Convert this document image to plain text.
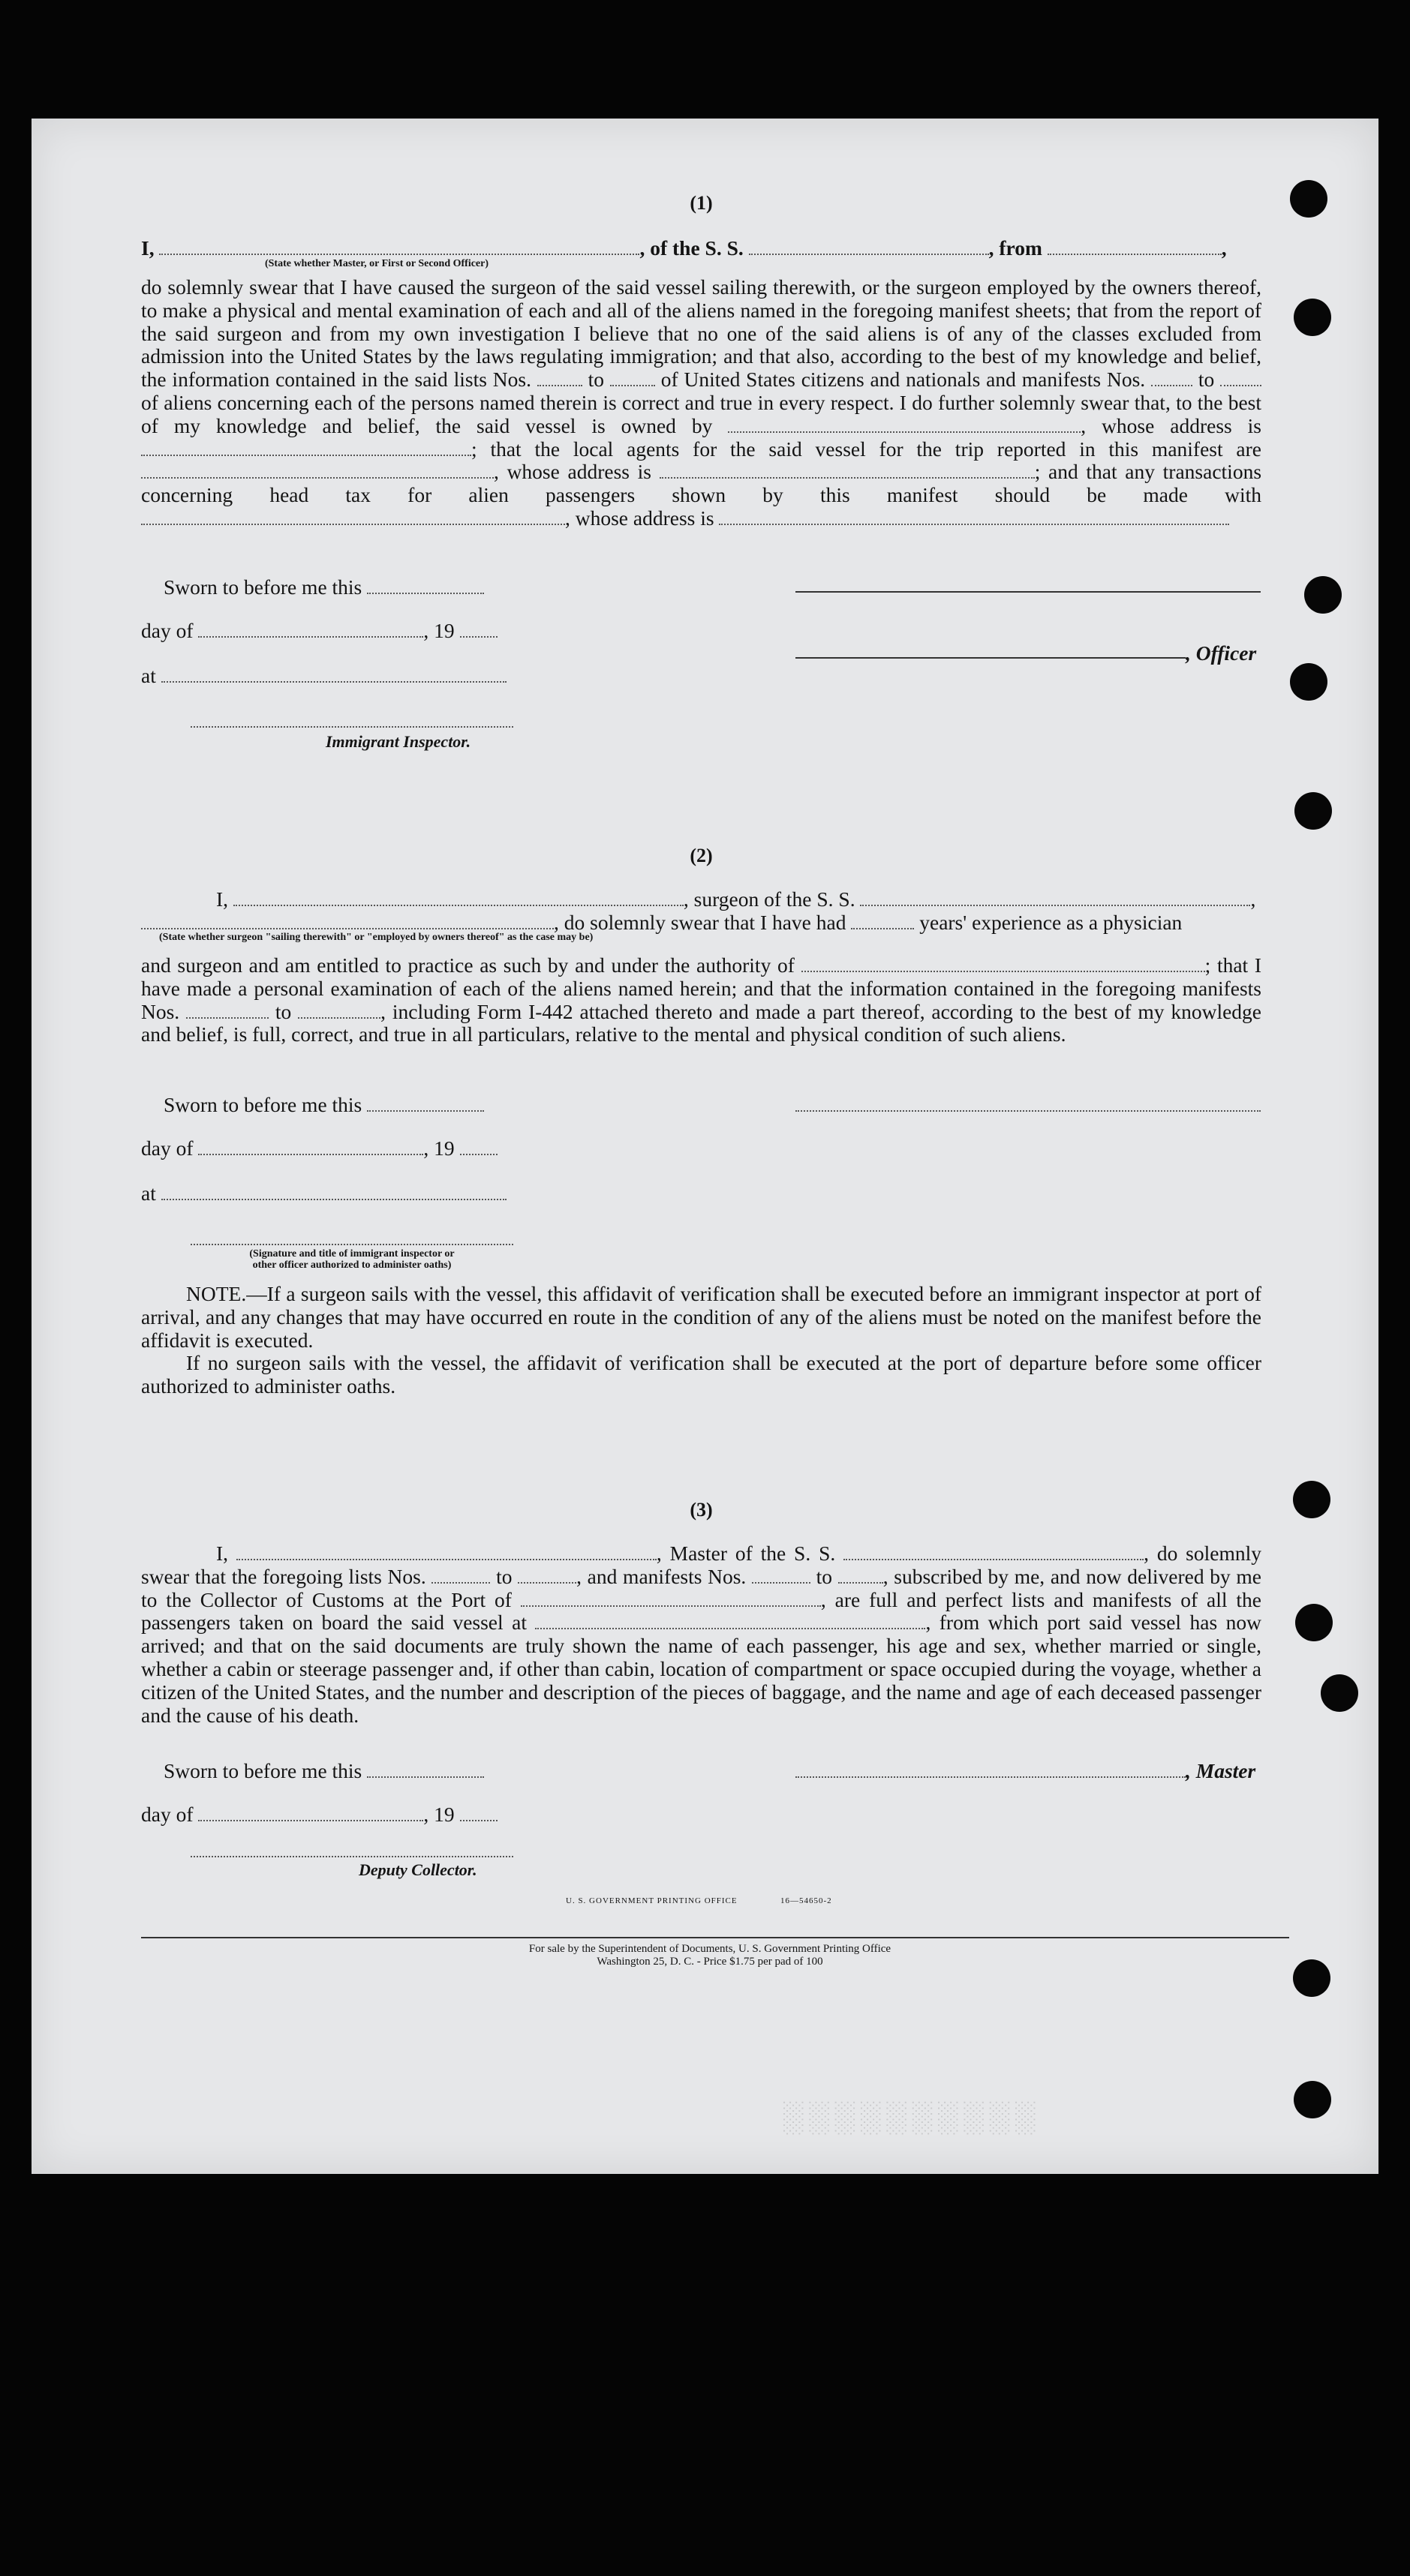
░░░░░░░░░░

(1)

I,	, of the S. S.	, from	,

(State whether Master, or First or Second Officer)

do solemnly swear that I have caused the surgeon of the said vessel sailing therewith, or the surgeon employed by the owners thereof, to make a physical and mental examination of each and all of the aliens named in the foregoing manifest sheets; that from the report of the said surgeon and from my own investigation I believe that no one of the said aliens is of any of the classes excluded from admission into the United States by the laws regulating immigration; and that also, according to the best of my knowledge and belief, the information contained in the said lists Nos.	to	of United States citizens and nationals and manifests Nos.	to  of aliens concerning each of the persons named therein is correct and true in every respect. I do further solemnly swear that, to the best of my knowledge and belief, the said vessel is owned by	, whose address is ; that the local agents for the said vessel for the trip reported in this manifest are , whose address is	; and that any transactions concerning head tax for alien passengers shown by this manifest should be made with , whose address is

Sworn to before me this
day of	, 19
, Officer
at
Immigrant Inspector.

(2)

I,	, surgeon of the S. S.	,

, do solemnly swear that I have had	years' experience as a physician

(State whether surgeon "sailing therewith" or "employed by owners thereof" as the case may be)

and surgeon and am entitled to practice as such by and under the authority of	; that I have made a personal examination of each of the aliens named herein; and that the information contained in the foregoing manifests Nos.	to	, including Form I-442 attached thereto and made a part thereof, according to the best of my knowledge and belief, is full, correct, and true in all particulars, relative to the mental and physical condition of such aliens.

Sworn to before me this
day of	, 19
at
(Signature and title of immigrant inspector or
other officer authorized to administer oaths)

NOTE.—If a surgeon sails with the vessel, this affidavit of verification shall be executed before an immigrant inspector at port of arrival, and any changes that may have occurred en route in the condition of any of the aliens must be noted on the manifest before the affidavit is executed.

If no surgeon sails with the vessel, the affidavit of verification shall be executed at the port of departure before some officer authorized to administer oaths.

(3)

I,	, Master of the S. S.	, do solemnly swear that the foregoing lists Nos.	to	, and manifests Nos.	to , subscribed by me, and now delivered by me to the Collector of Customs at the Port of	, are full and perfect lists and manifests of all the passengers taken on board the said vessel at	, from which port said vessel has now arrived; and that on the said documents are truly shown the name of each passenger, his age and sex, whether married or single, whether a cabin or steerage passenger and, if other than cabin, location of compartment or space occupied during the voyage, whether a citizen of the United States, and the number and description of the pieces of baggage, and the name and age of each deceased passenger and the cause of his death.

Sworn to before me this	, Master
day of	, 19
Deputy Collector.
U. S. GOVERNMENT PRINTING OFFICE	16—54650-2
For sale by the Superintendent of Documents, U. S. Government Printing Office
Washington 25, D. C. - Price $1.75 per pad of 100
